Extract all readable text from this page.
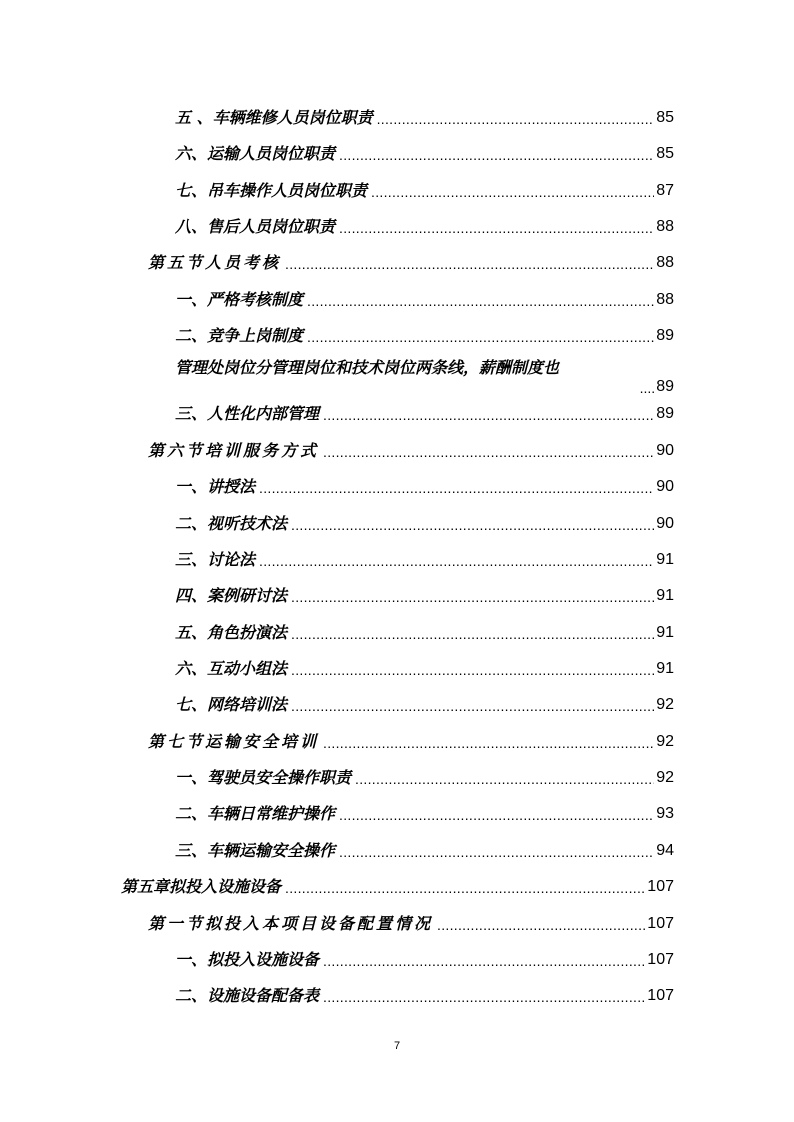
五 、车辆维修人员岗位职责 .....	85
六、运输人员岗位职责 .....	85
七、吊车操作人员岗位职责 .....	87
八、售后人员岗位职责 .....	88
第五节人员考核 .....	88
一、严格考核制度 .....	88
二、竞争上岗制度 .....	89
管理处岗位分管理岗位和技术岗位两条线，薪酬制度也
.... 89
三、人性化内部管理 .....	89
第六节培训服务方式 .....	90
一、讲授法 .....	90
二、视听技术法 .....	90
三、讨论法 .....	91
四、案例研讨法 .....	91
五、角色扮演法 .....	91
六、互动小组法 .....	91
七、网络培训法 .....	92
第七节运输安全培训 .....	92
一、驾驶员安全操作职责 .....	92
二、车辆日常维护操作 .....	93
三、车辆运输安全操作 .....	94
第五章拟投入设施设备 .....	107
第一节拟投入本项目设备配置情况 .....	107
一、拟投入设施设备 .....	107
二、设施设备配备表 .....	107
7
